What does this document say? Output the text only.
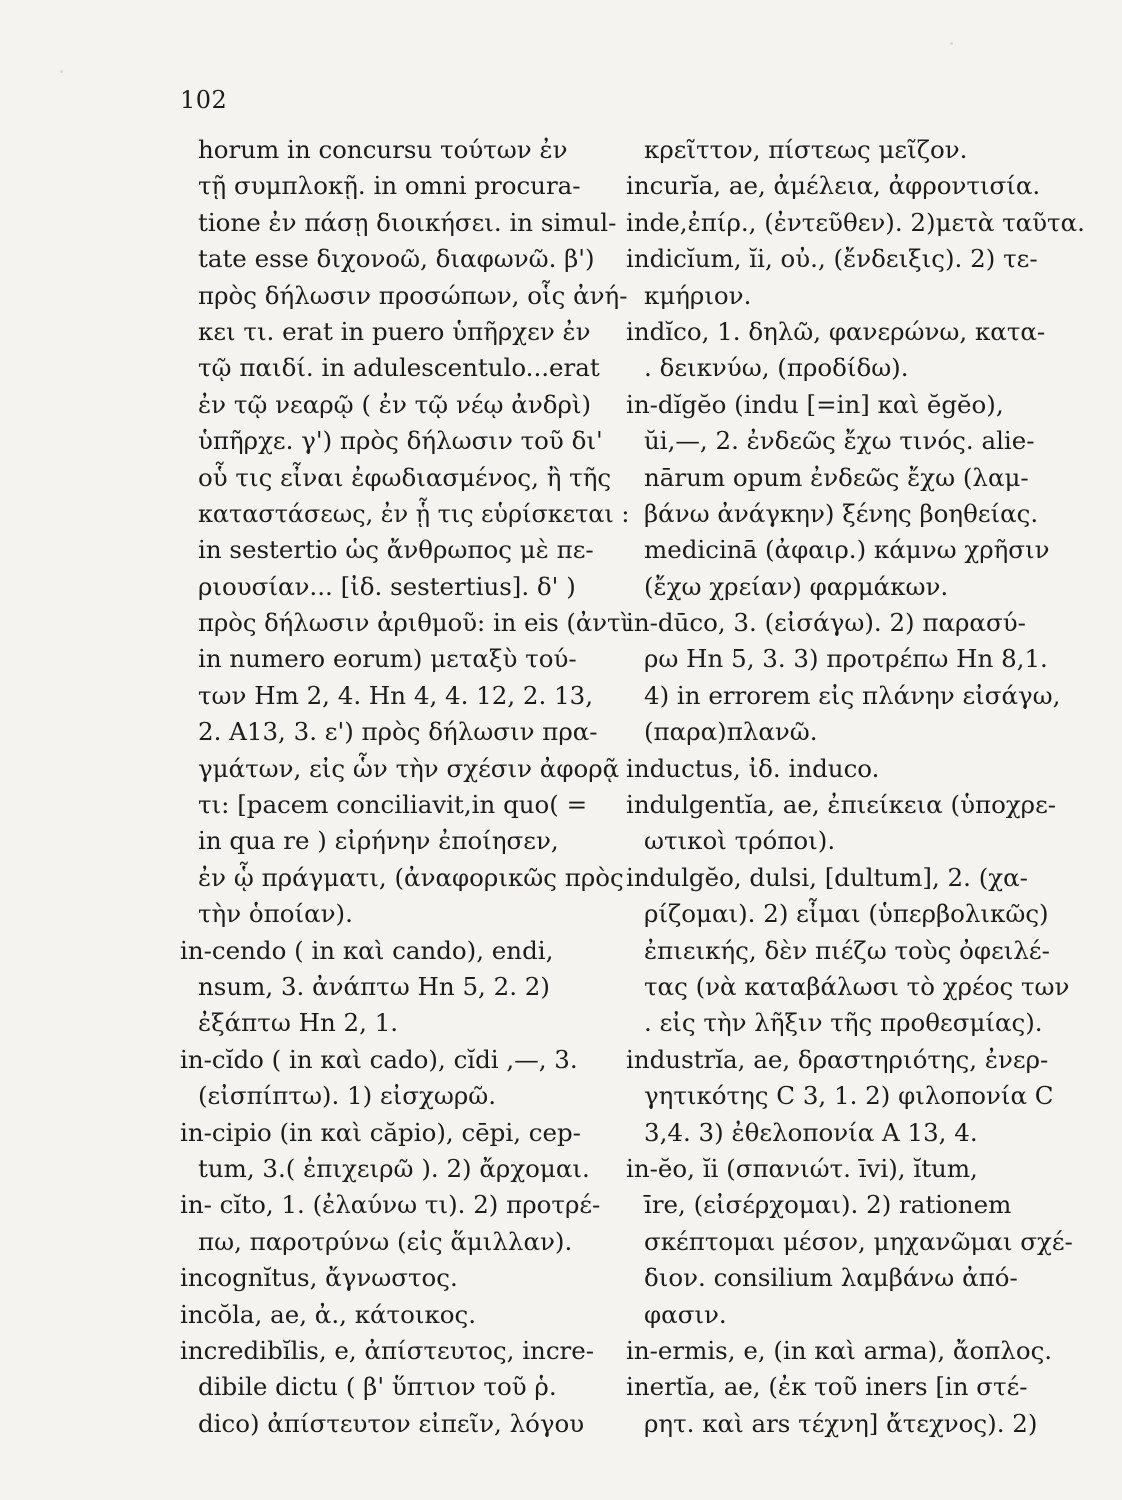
102
horum in concursu τούτων ἐν
τῇ συμπλοκῇ. in omni procura-
tione ἐν πάσῃ διοικήσει. in simul-
tate esse διχονοῶ, διαφωνῶ. β')
πρὸς δήλωσιν προσώπων, οἷς ἀνή-
κει τι. erat in puero ὑπῆρχεν ἐν
τῷ παιδί. in adulescentulo...erat
ἐν τῷ νεαρῷ ( ἐν τῷ νέῳ ἀνδρὶ)
ὑπῆρχε. γ') πρὸς δήλωσιν τοῦ δι'
οὗ τις εἶναι ἐφωδιασμένος, ἢ τῆς
καταστάσεως, ἐν ᾗ τις εὑρίσκεται :
in sestertio ὡς ἄνθρωπος μὲ πε-
ριουσίαν... [ἰδ. sestertius]. δ' )
πρὸς δήλωσιν ἀριθμοῦ: in eis (ἀντὶ
in numero eorum) μεταξὺ τού-
των Hm 2, 4. Hn 4, 4. 12, 2. 13,
2. A13, 3. ε') πρὸς δήλωσιν πρα-
γμάτων, εἰς ὧν τὴν σχέσιν ἀφορᾷ
τι: [pacem conciliavit,in quo( =
in qua re ) εἰρήνην ἐποίησεν,
ἐν ᾧ πράγματι, (ἀναφορικῶς πρὸς
τὴν ὁποίαν).
in-cendo ( in καὶ cando), endi,
nsum, 3. ἀνάπτω Hn 5, 2. 2)
ἐξάπτω Hn 2, 1.
in-cĭdo ( in καὶ cado), cĭdi ,—, 3.
(εἰσπίπτω). 1) εἰσχωρῶ.
in-cipio (in καὶ căpio), cēpi, cep-
tum, 3.( ἐπιχειρῶ ). 2) ἄρχομαι.
in- cĭto, 1. (ἐλαύνω τι). 2) προτρέ-
πω, παροτρύνω (εἰς ἅμιλλαν).
incognĭtus, ἄγνωστος.
incŏla, ae, ἀ., κάτοικος.
incredibĭlis, e, ἀπίστευτος, incre-
dibile dictu ( β' ὕπτιον τοῦ ῥ.
dico) ἀπίστευτον εἰπεῖν, λόγου
κρεῖττον, πίστεως μεῖζον.
incurĭa, ae, ἀμέλεια, ἀφροντισία.
inde,ἐπίρ., (ἐντεῦθεν). 2)μετὰ ταῦτα.
indicĭum, ĭi, οὐ., (ἔνδειξις). 2) τε-
κμήριον.
indĭco, 1. δηλῶ, φανερώνω, κατα-
. δεικνύω, (προδίδω).
in-dĭgĕo (indu [=in] καὶ ĕgĕo),
ŭi,—, 2. ἐνδεῶς ἔχω τινός. alie-
nārum opum ἐνδεῶς ἔχω (λαμ-
βάνω ἀνάγκην) ξένης βοηθείας.
medicinā (ἀφαιρ.) κάμνω χρῆσιν
(ἔχω χρείαν) φαρμάκων.
in-dūco, 3. (εἰσάγω). 2) παρασύ-
ρω Hn 5, 3. 3) προτρέπω Hn 8,1.
4) in errorem εἰς πλάνην εἰσάγω,
(παρα)πλανῶ.
inductus, ἰδ. induco.
indulgentĭa, ae, ἐπιείκεια (ὑποχρε-
ωτικοὶ τρόποι).
indulgĕo, dulsi, [dultum], 2. (χα-
ρίζομαι). 2) εἶμαι (ὑπερβολικῶς)
ἐπιεικής, δὲν πιέζω τοὺς ὀφειλέ-
τας (νὰ καταβάλωσι τὸ χρέος των
. εἰς τὴν λῆξιν τῆς προθεσμίας).
industrĭa, ae, δραστηριότης, ἐνερ-
γητικότης C 3, 1. 2) φιλοπονία C
3,4. 3) ἐθελοπονία A 13, 4.
in-ĕo, ĭi (σπανιώτ. īvi), ĭtum,
īre, (εἰσέρχομαι). 2) rationem
σκέπτομαι μέσον, μηχανῶμαι σχέ-
διον. consilium λαμβάνω ἀπό-
φασιν.
in-ermis, e, (in καὶ arma), ἄοπλος.
inertĭa, ae, (ἐκ τοῦ iners [in στέ-
ρητ. καὶ ars τέχνη] ἄτεχνος). 2)
